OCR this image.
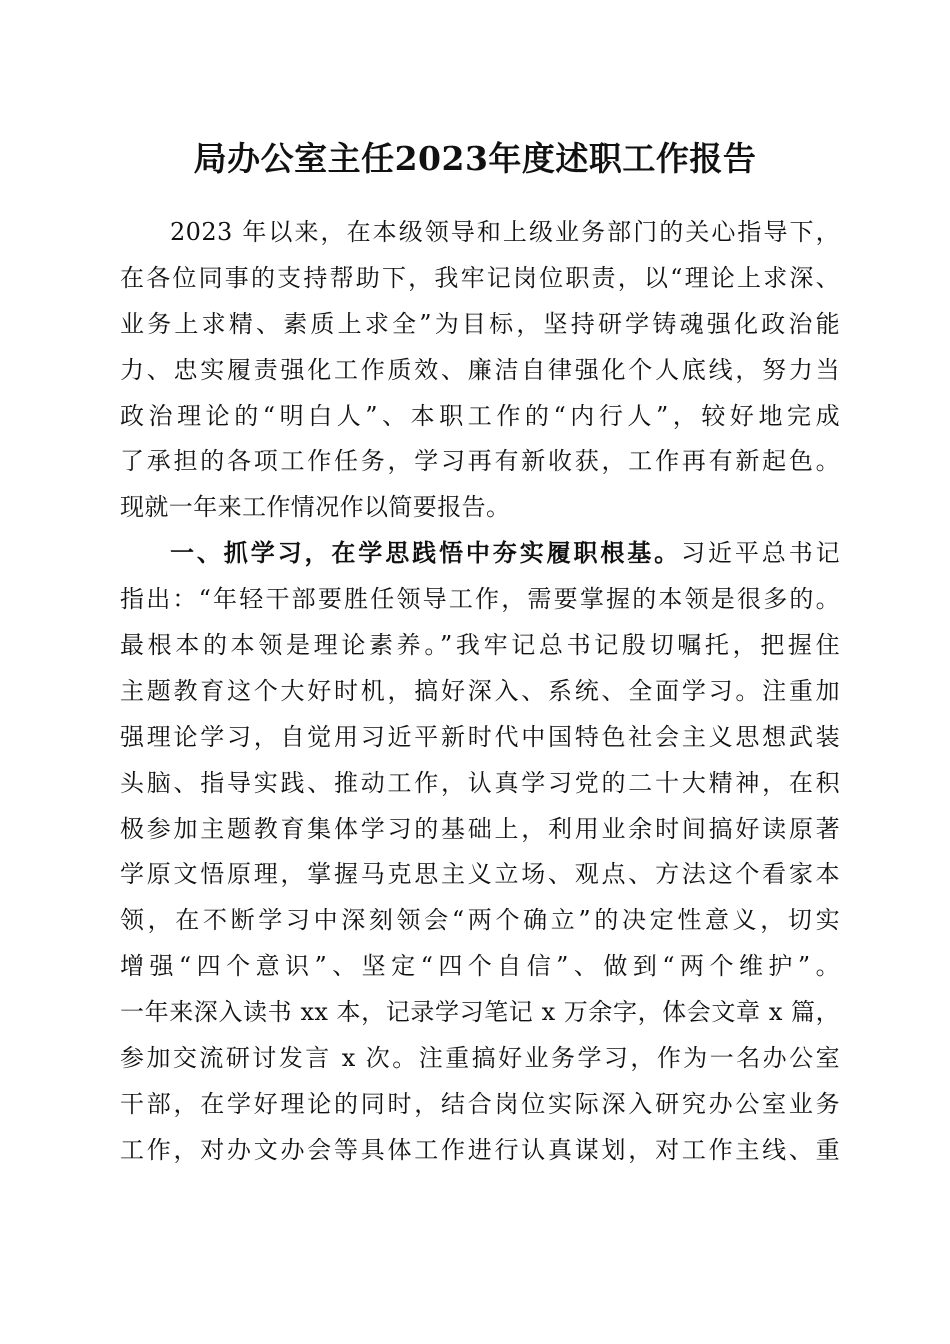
局办公室主任2023年度述职工作报告
2023 年以来，在本级领导和上级业务部门的关心指导下，
在各位同事的支持帮助下，我牢记岗位职责，以“理论上求深、
业务上求精、素质上求全”为目标，坚持研学铸魂强化政治能
力、忠实履责强化工作质效、廉洁自律强化个人底线，努力当
政治理论的“明白人”、本职工作的“内行人”，较好地完成
了承担的各项工作任务，学习再有新收获，工作再有新起色。
现就一年来工作情况作以简要报告。
一、抓学习，在学思践悟中夯实履职根基。习近平总书记
指出：“年轻干部要胜任领导工作，需要掌握的本领是很多的。
最根本的本领是理论素养。”我牢记总书记殷切嘱托，把握住
主题教育这个大好时机，搞好深入、系统、全面学习。注重加
强理论学习，自觉用习近平新时代中国特色社会主义思想武装
头脑、指导实践、推动工作，认真学习党的二十大精神，在积
极参加主题教育集体学习的基础上，利用业余时间搞好读原著
学原文悟原理，掌握马克思主义立场、观点、方法这个看家本
领，在不断学习中深刻领会“两个确立”的决定性意义，切实
增强“四个意识”、坚定“四个自信”、做到“两个维护”。
一年来深入读书 xx 本，记录学习笔记 x 万余字，体会文章 x 篇，
参加交流研讨发言 x 次。注重搞好业务学习，作为一名办公室
干部，在学好理论的同时，结合岗位实际深入研究办公室业务
工作，对办文办会等具体工作进行认真谋划，对工作主线、重
